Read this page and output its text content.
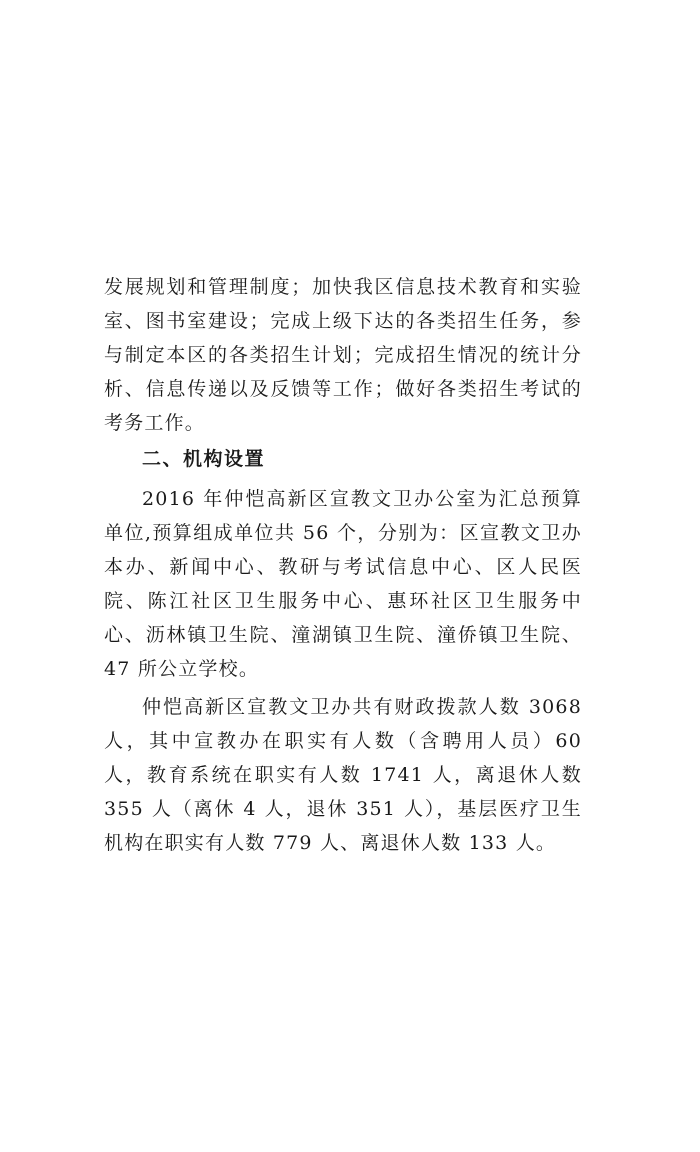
发展规划和管理制度；加快我区信息技术教育和实验室、图书室建设；完成上级下达的各类招生任务，参与制定本区的各类招生计划；完成招生情况的统计分析、信息传递以及反馈等工作；做好各类招生考试的考务工作。

二、机构设置

2016 年仲恺高新区宣教文卫办公室为汇总预算单位,预算组成单位共 56 个，分别为：区宣教文卫办本办、新闻中心、教研与考试信息中心、区人民医院、陈江社区卫生服务中心、惠环社区卫生服务中心、沥林镇卫生院、潼湖镇卫生院、潼侨镇卫生院、47 所公立学校。

仲恺高新区宣教文卫办共有财政拨款人数 3068 人，其中宣教办在职实有人数（含聘用人员）60 人，教育系统在职实有人数 1741 人，离退休人数 355 人（离休 4 人，退休 351 人），基层医疗卫生机构在职实有人数 779 人、离退休人数 133 人。
